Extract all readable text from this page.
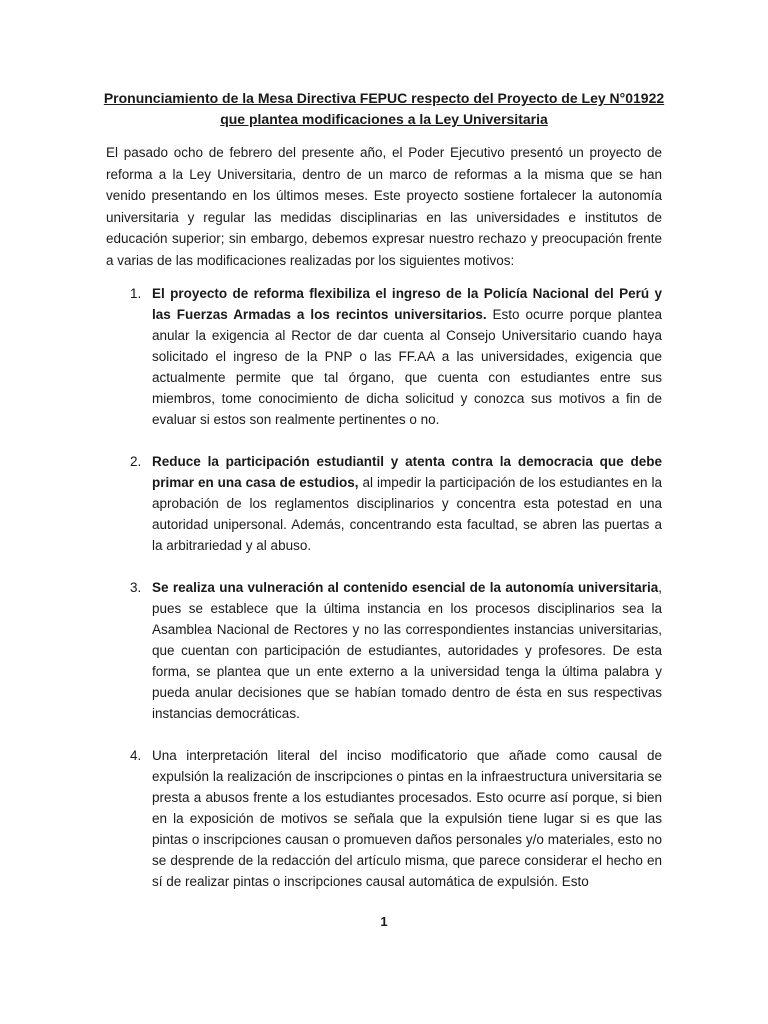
Pronunciamiento de la Mesa Directiva FEPUC respecto del Proyecto de Ley N°01922 que plantea modificaciones a la Ley Universitaria

El pasado ocho de febrero del presente año, el Poder Ejecutivo presentó un proyecto de reforma a la Ley Universitaria, dentro de un marco de reformas a la misma que se han venido presentando en los últimos meses. Este proyecto sostiene fortalecer la autonomía universitaria y regular las medidas disciplinarias en las universidades e institutos de educación superior; sin embargo, debemos expresar nuestro rechazo y preocupación frente a varias de las modificaciones realizadas por los siguientes motivos:

1. El proyecto de reforma flexibiliza el ingreso de la Policía Nacional del Perú y las Fuerzas Armadas a los recintos universitarios. Esto ocurre porque plantea anular la exigencia al Rector de dar cuenta al Consejo Universitario cuando haya solicitado el ingreso de la PNP o las FF.AA a las universidades, exigencia que actualmente permite que tal órgano, que cuenta con estudiantes entre sus miembros, tome conocimiento de dicha solicitud y conozca sus motivos a fin de evaluar si estos son realmente pertinentes o no.

2. Reduce la participación estudiantil y atenta contra la democracia que debe primar en una casa de estudios, al impedir la participación de los estudiantes en la aprobación de los reglamentos disciplinarios y concentra esta potestad en una autoridad unipersonal. Además, concentrando esta facultad, se abren las puertas a la arbitrariedad y al abuso.

3. Se realiza una vulneración al contenido esencial de la autonomía universitaria, pues se establece que la última instancia en los procesos disciplinarios sea la Asamblea Nacional de Rectores y no las correspondientes instancias universitarias, que cuentan con participación de estudiantes, autoridades y profesores. De esta forma, se plantea que un ente externo a la universidad tenga la última palabra y pueda anular decisiones que se habían tomado dentro de ésta en sus respectivas instancias democráticas.

4. Una interpretación literal del inciso modificatorio que añade como causal de expulsión la realización de inscripciones o pintas en la infraestructura universitaria se presta a abusos frente a los estudiantes procesados. Esto ocurre así porque, si bien en la exposición de motivos se señala que la expulsión tiene lugar si es que las pintas o inscripciones causan o promueven daños personales y/o materiales, esto no se desprende de la redacción del artículo misma, que parece considerar el hecho en sí de realizar pintas o inscripciones causal automática de expulsión. Esto

1
